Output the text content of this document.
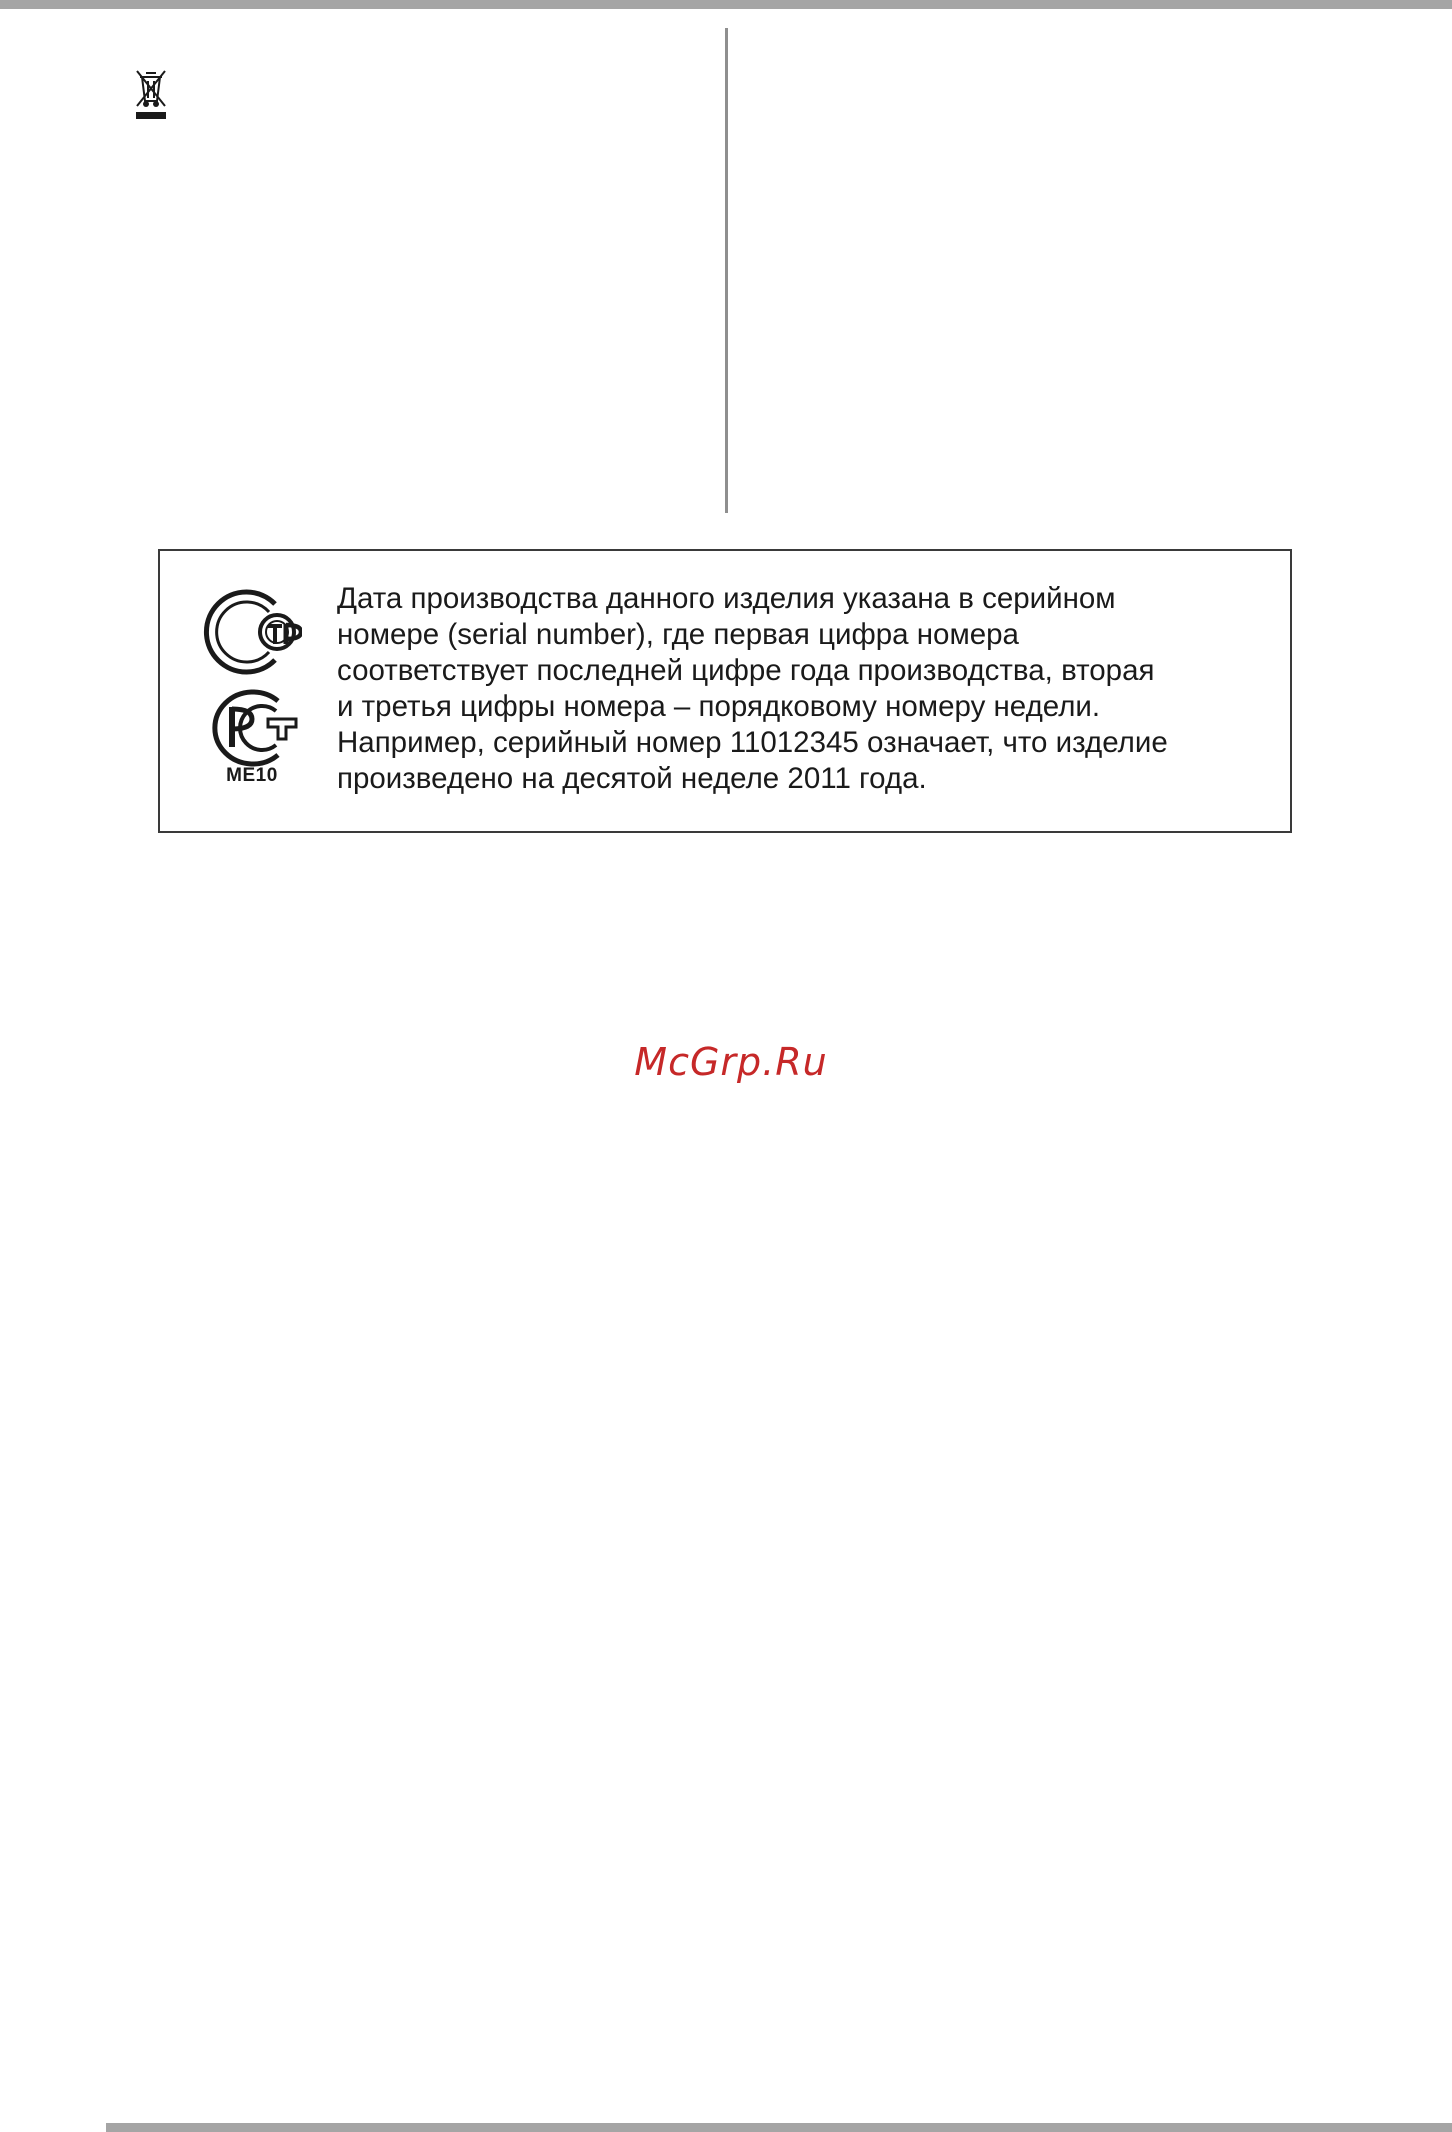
ME10
Дата производства данного изделия указана в серийном
номере (serial number), где первая цифра номера
соответствует последней цифре года производства, вторая
и третья цифры номера – порядковому номеру недели.
Например, серийный номер 11012345 означает, что изделие
произведено на десятой неделе 2011 года.
McGrp.Ru
